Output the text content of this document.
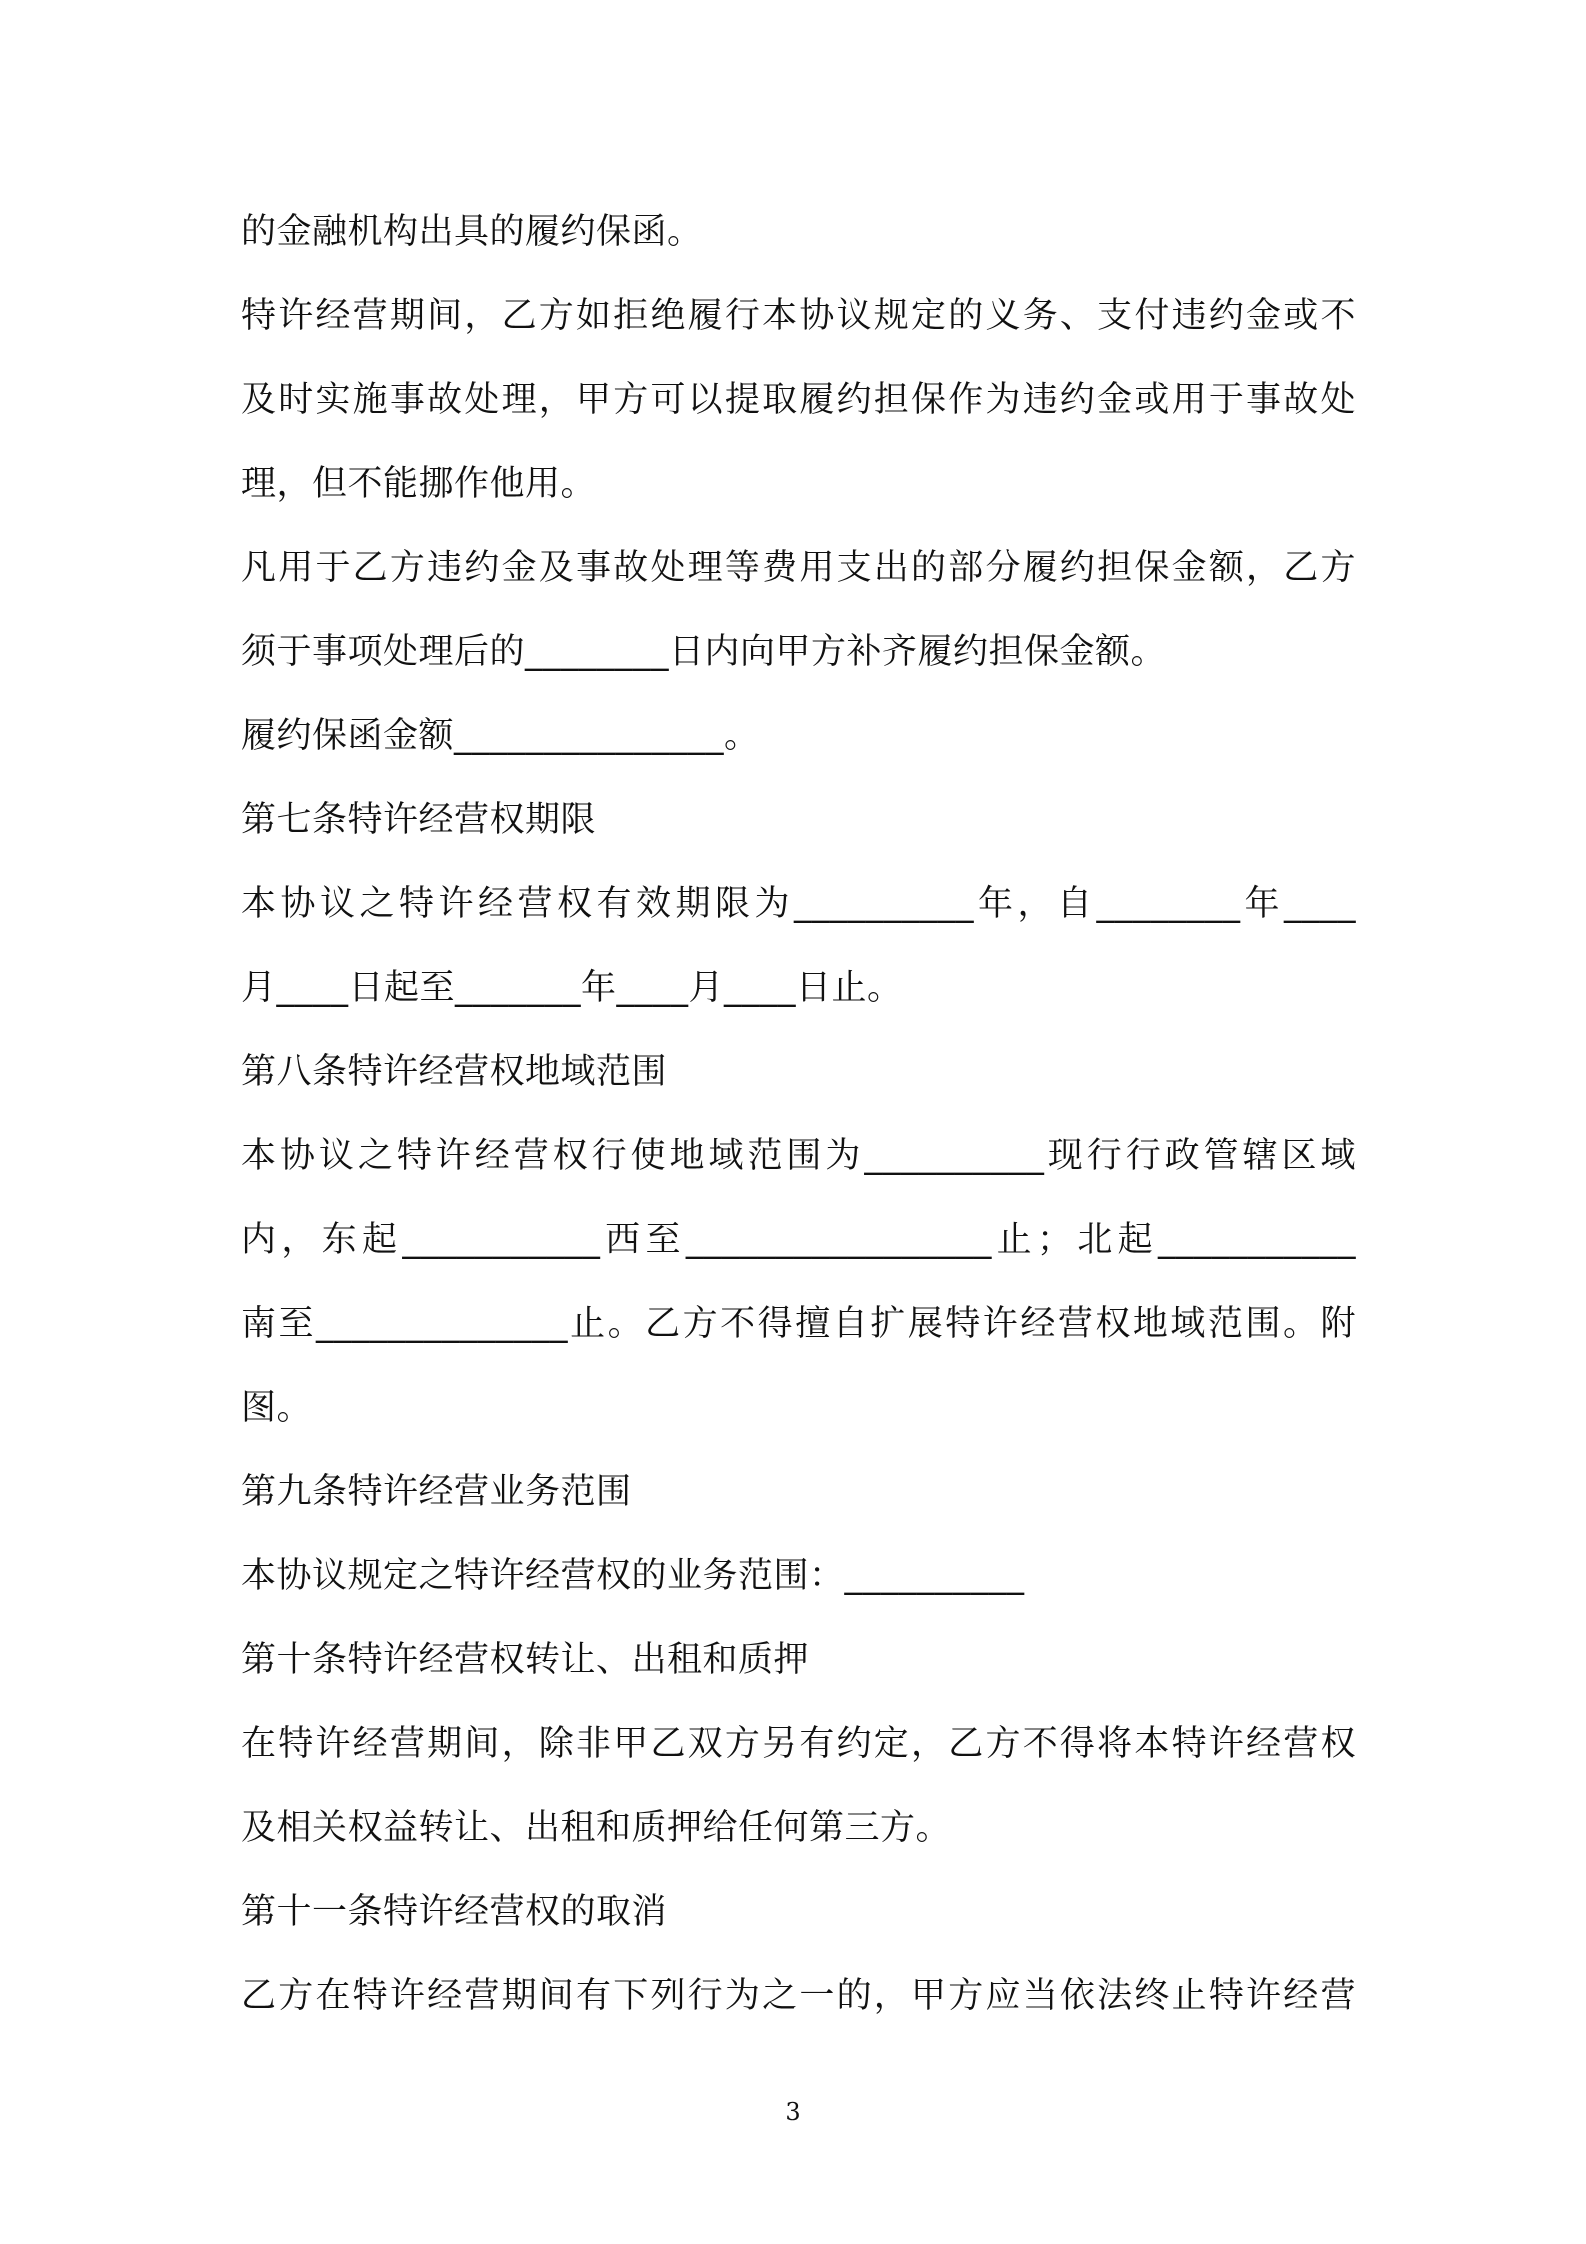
的金融机构出具的履约保函。
特许经营期间，乙方如拒绝履行本协议规定的义务、支付违约金或不
及时实施事故处理，甲方可以提取履约担保作为违约金或用于事故处
理，但不能挪作他用。
凡用于乙方违约金及事故处理等费用支出的部分履约担保金额，乙方
须于事项处理后的________日内向甲方补齐履约担保金额。
履约保函金额_______________。
第七条特许经营权期限
本协议之特许经营权有效期限为__________年，自________年____
月____日起至_______年____月____日止。
第八条特许经营权地域范围
本协议之特许经营权行使地域范围为__________现行行政管辖区域
内，东起___________西至_________________止；北起___________
南至______________止。乙方不得擅自扩展特许经营权地域范围。附
图。
第九条特许经营业务范围
本协议规定之特许经营权的业务范围：__________
第十条特许经营权转让、出租和质押
在特许经营期间，除非甲乙双方另有约定，乙方不得将本特许经营权
及相关权益转让、出租和质押给任何第三方。
第十一条特许经营权的取消
乙方在特许经营期间有下列行为之一的，甲方应当依法终止特许经营
3
